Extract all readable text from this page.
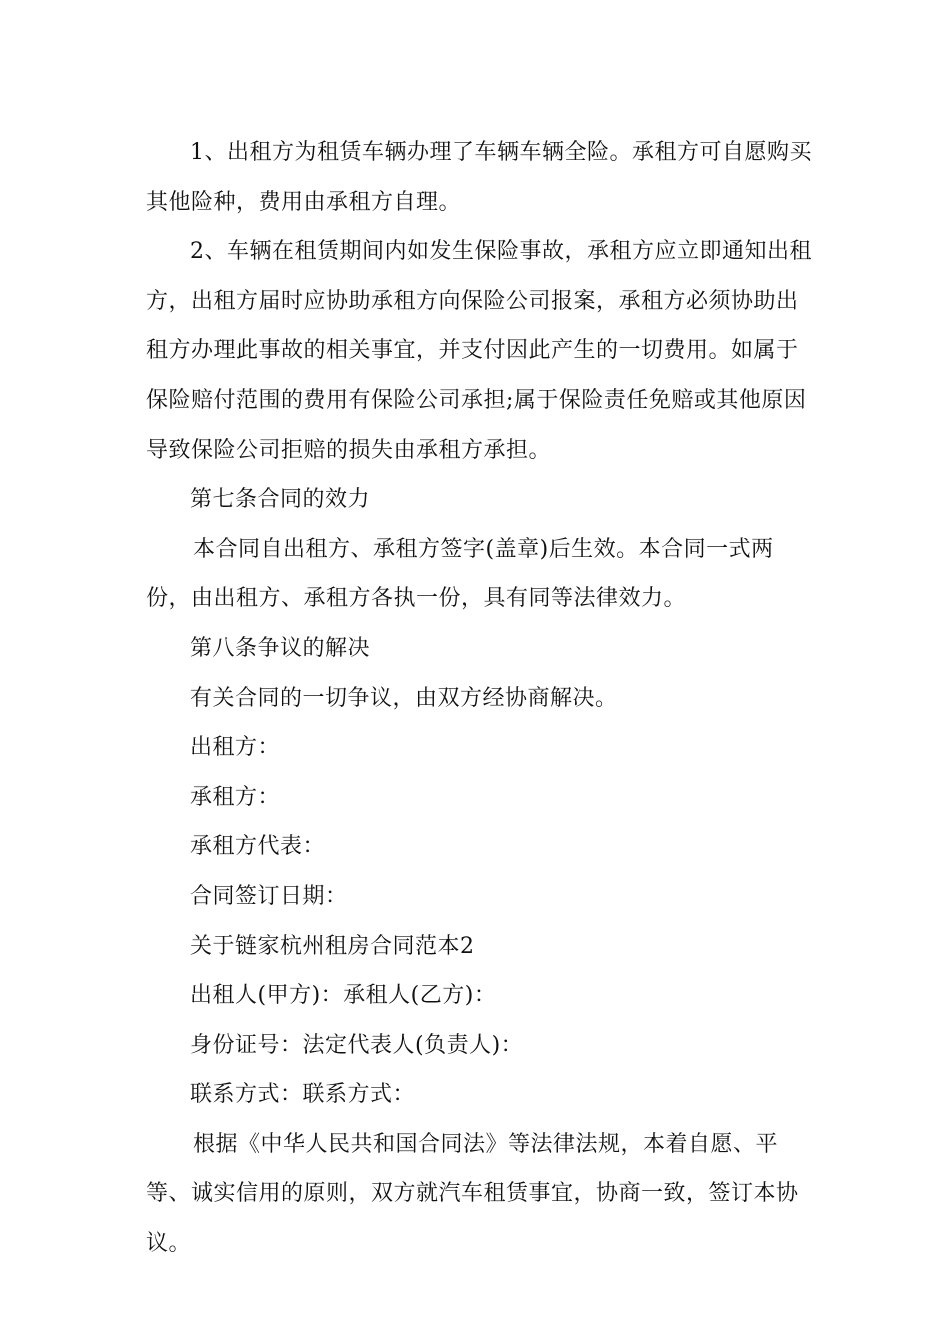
1、出租方为租赁车辆办理了车辆车辆全险。承租方可自愿购买其他险种，费用由承租方自理。

2、车辆在租赁期间内如发生保险事故，承租方应立即通知出租方，出租方届时应协助承租方向保险公司报案，承租方必须协助出租方办理此事故的相关事宜，并支付因此产生的一切费用。如属于保险赔付范围的费用有保险公司承担;属于保险责任免赔或其他原因导致保险公司拒赔的损失由承租方承担。

第七条合同的效力

本合同自出租方、承租方签字(盖章)后生效。本合同一式两份，由出租方、承租方各执一份，具有同等法律效力。

第八条争议的解决

有关合同的一切争议，由双方经协商解决。

出租方：

承租方：

承租方代表：

合同签订日期：

关于链家杭州租房合同范本2

出租人(甲方)：承租人(乙方)：

身份证号：法定代表人(负责人)：

联系方式：联系方式：

根据《中华人民共和国合同法》等法律法规，本着自愿、平等、诚实信用的原则，双方就汽车租赁事宜，协商一致，签订本协议。
